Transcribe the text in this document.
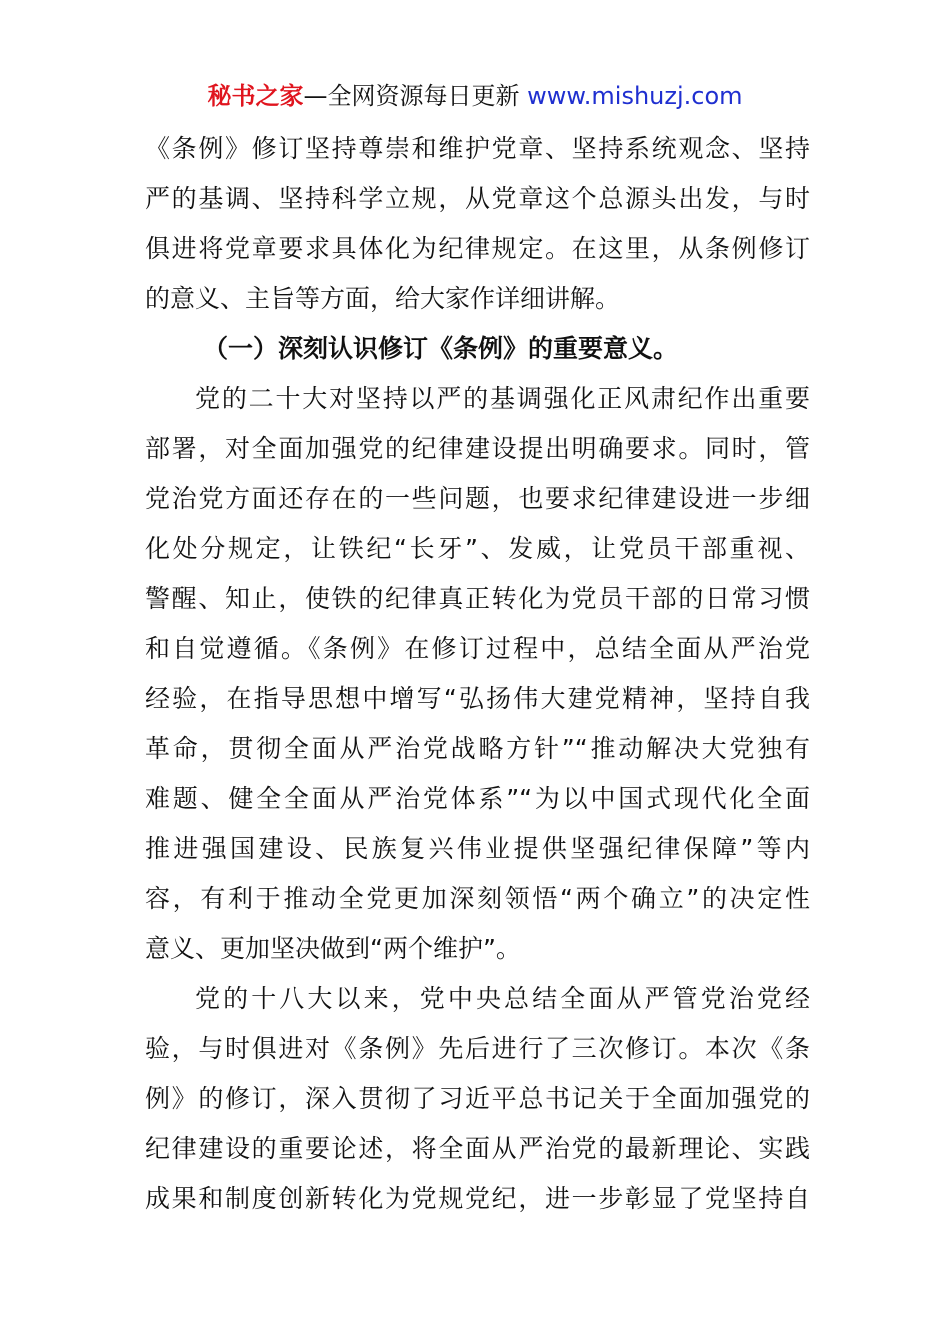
秘书之家—全网资源每日更新 www.mishuzj.com
《条例》修订坚持尊崇和维护党章、坚持系统观念、坚持
严的基调、坚持科学立规，从党章这个总源头出发，与时
俱进将党章要求具体化为纪律规定。在这里，从条例修订
的意义、主旨等方面，给大家作详细讲解。
（一）深刻认识修订《条例》的重要意义。
党的二十大对坚持以严的基调强化正风肃纪作出重要
部署，对全面加强党的纪律建设提出明确要求。同时，管
党治党方面还存在的一些问题，也要求纪律建设进一步细
化处分规定，让铁纪“长牙”、发威，让党员干部重视、
警醒、知止，使铁的纪律真正转化为党员干部的日常习惯
和自觉遵循。《条例》在修订过程中，总结全面从严治党
经验，在指导思想中增写“弘扬伟大建党精神，坚持自我
革命，贯彻全面从严治党战略方针”“推动解决大党独有
难题、健全全面从严治党体系”“为以中国式现代化全面
推进强国建设、民族复兴伟业提供坚强纪律保障”等内
容，有利于推动全党更加深刻领悟“两个确立”的决定性
意义、更加坚决做到“两个维护”。
党的十八大以来，党中央总结全面从严管党治党经
验，与时俱进对《条例》先后进行了三次修订。本次《条
例》的修订，深入贯彻了习近平总书记关于全面加强党的
纪律建设的重要论述，将全面从严治党的最新理论、实践
成果和制度创新转化为党规党纪，进一步彰显了党坚持自
